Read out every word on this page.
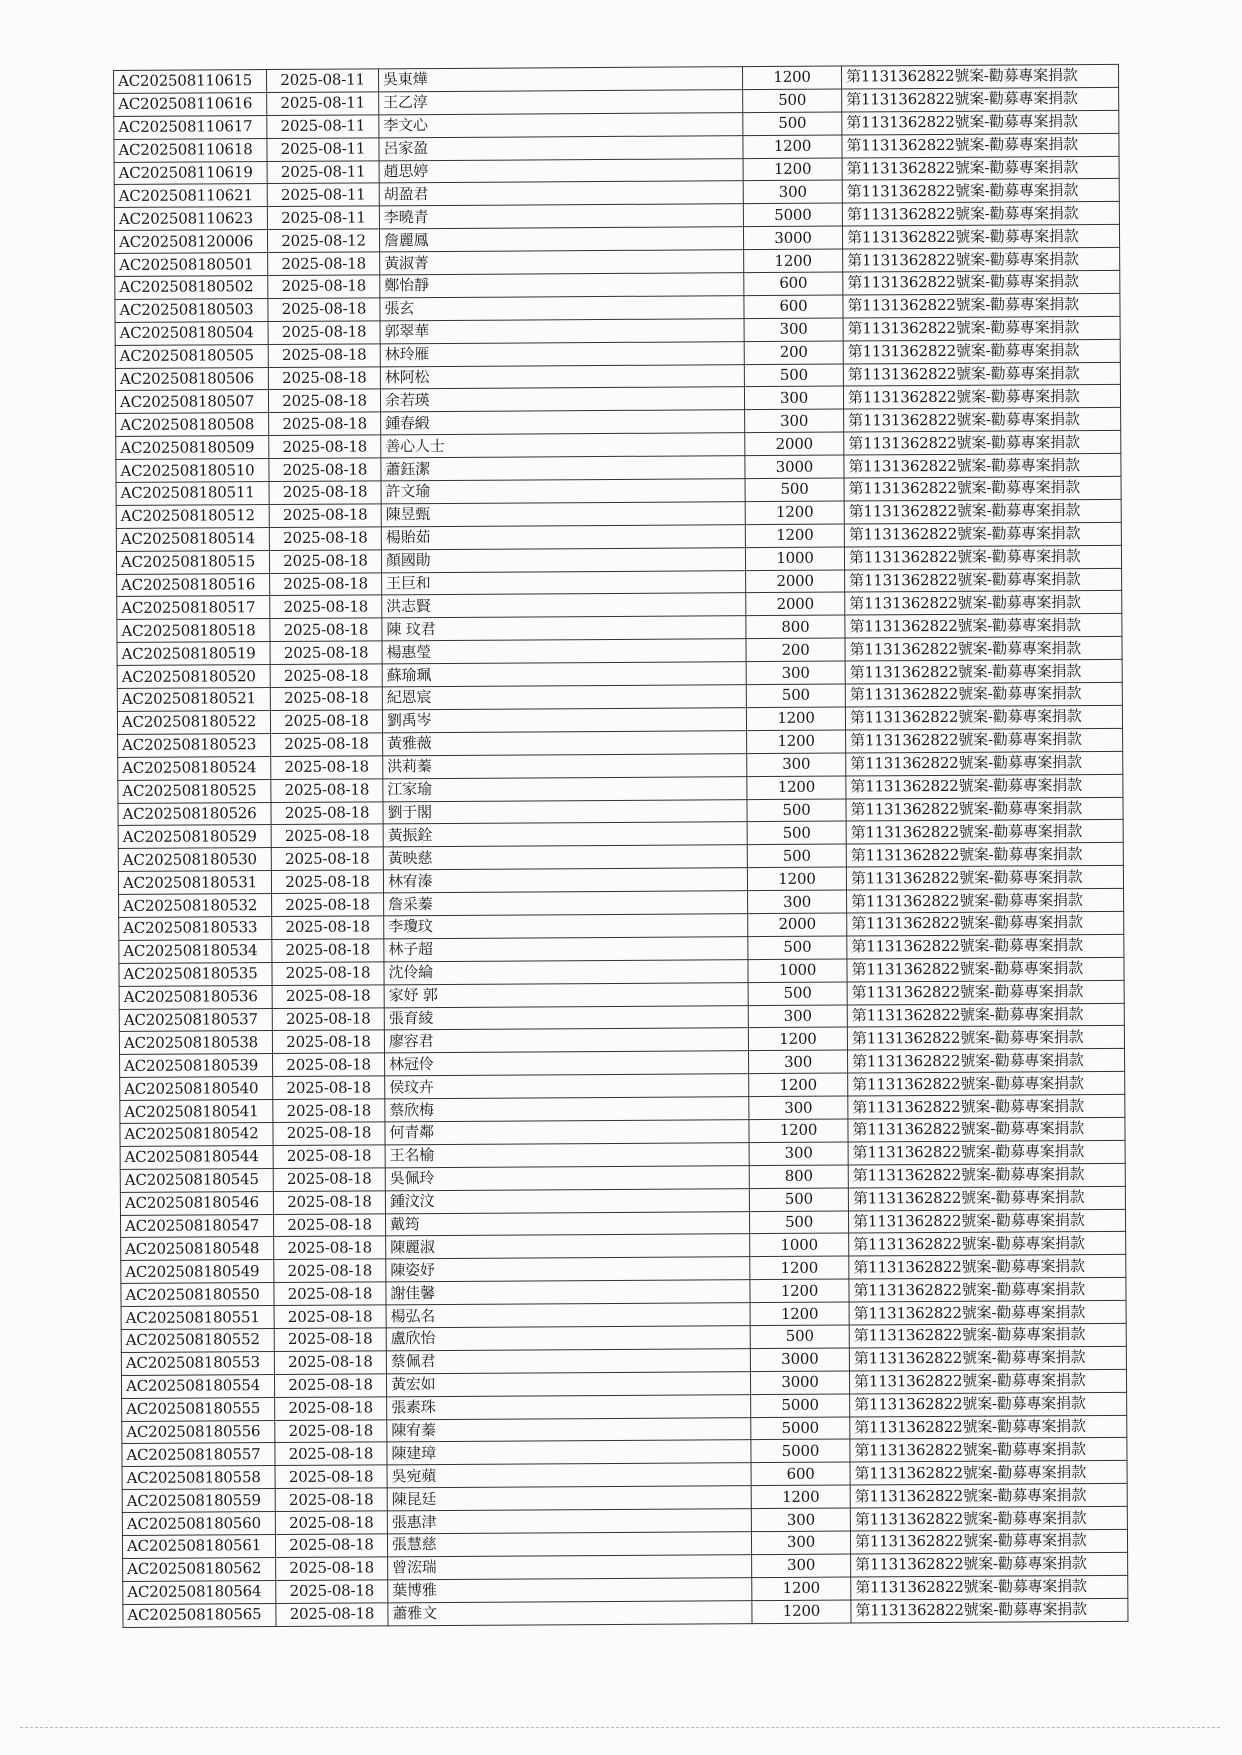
AC202508110615	2025-08-11	吳東燁	1200	第1131362822號案-勸募專案捐款
AC202508110616	2025-08-11	王乙淳	500	第1131362822號案-勸募專案捐款
AC202508110617	2025-08-11	李文心	500	第1131362822號案-勸募專案捐款
AC202508110618	2025-08-11	呂家盈	1200	第1131362822號案-勸募專案捐款
AC202508110619	2025-08-11	趙思婷	1200	第1131362822號案-勸募專案捐款
AC202508110621	2025-08-11	胡盈君	300	第1131362822號案-勸募專案捐款
AC202508110623	2025-08-11	李曉青	5000	第1131362822號案-勸募專案捐款
AC202508120006	2025-08-12	詹麗鳳	3000	第1131362822號案-勸募專案捐款
AC202508180501	2025-08-18	黃淑菁	1200	第1131362822號案-勸募專案捐款
AC202508180502	2025-08-18	鄭怡靜	600	第1131362822號案-勸募專案捐款
AC202508180503	2025-08-18	張玄	600	第1131362822號案-勸募專案捐款
AC202508180504	2025-08-18	郭翠華	300	第1131362822號案-勸募專案捐款
AC202508180505	2025-08-18	林玲雁	200	第1131362822號案-勸募專案捐款
AC202508180506	2025-08-18	林阿松	500	第1131362822號案-勸募專案捐款
AC202508180507	2025-08-18	余若瑛	300	第1131362822號案-勸募專案捐款
AC202508180508	2025-08-18	鍾春緞	300	第1131362822號案-勸募專案捐款
AC202508180509	2025-08-18	善心人士	2000	第1131362822號案-勸募專案捐款
AC202508180510	2025-08-18	蕭鈺潔	3000	第1131362822號案-勸募專案捐款
AC202508180511	2025-08-18	許文瑜	500	第1131362822號案-勸募專案捐款
AC202508180512	2025-08-18	陳昱甄	1200	第1131362822號案-勸募專案捐款
AC202508180514	2025-08-18	楊貽茹	1200	第1131362822號案-勸募專案捐款
AC202508180515	2025-08-18	顏國勛	1000	第1131362822號案-勸募專案捐款
AC202508180516	2025-08-18	王巨和	2000	第1131362822號案-勸募專案捐款
AC202508180517	2025-08-18	洪志賢	2000	第1131362822號案-勸募專案捐款
AC202508180518	2025-08-18	陳 玟君	800	第1131362822號案-勸募專案捐款
AC202508180519	2025-08-18	楊惠瑩	200	第1131362822號案-勸募專案捐款
AC202508180520	2025-08-18	蘇瑜珮	300	第1131362822號案-勸募專案捐款
AC202508180521	2025-08-18	紀恩宸	500	第1131362822號案-勸募專案捐款
AC202508180522	2025-08-18	劉禹岑	1200	第1131362822號案-勸募專案捐款
AC202508180523	2025-08-18	黃雅薇	1200	第1131362822號案-勸募專案捐款
AC202508180524	2025-08-18	洪莉蓁	300	第1131362822號案-勸募專案捐款
AC202508180525	2025-08-18	江家瑜	1200	第1131362822號案-勸募專案捐款
AC202508180526	2025-08-18	劉于閣	500	第1131362822號案-勸募專案捐款
AC202508180529	2025-08-18	黃振銓	500	第1131362822號案-勸募專案捐款
AC202508180530	2025-08-18	黃映慈	500	第1131362822號案-勸募專案捐款
AC202508180531	2025-08-18	林宥溱	1200	第1131362822號案-勸募專案捐款
AC202508180532	2025-08-18	詹采蓁	300	第1131362822號案-勸募專案捐款
AC202508180533	2025-08-18	李瓊玟	2000	第1131362822號案-勸募專案捐款
AC202508180534	2025-08-18	林子超	500	第1131362822號案-勸募專案捐款
AC202508180535	2025-08-18	沈伶綸	1000	第1131362822號案-勸募專案捐款
AC202508180536	2025-08-18	家妤 郭	500	第1131362822號案-勸募專案捐款
AC202508180537	2025-08-18	張育綾	300	第1131362822號案-勸募專案捐款
AC202508180538	2025-08-18	廖容君	1200	第1131362822號案-勸募專案捐款
AC202508180539	2025-08-18	林冠伶	300	第1131362822號案-勸募專案捐款
AC202508180540	2025-08-18	侯玟卉	1200	第1131362822號案-勸募專案捐款
AC202508180541	2025-08-18	蔡欣梅	300	第1131362822號案-勸募專案捐款
AC202508180542	2025-08-18	何青鄰	1200	第1131362822號案-勸募專案捐款
AC202508180544	2025-08-18	王名榆	300	第1131362822號案-勸募專案捐款
AC202508180545	2025-08-18	吳佩玲	800	第1131362822號案-勸募專案捐款
AC202508180546	2025-08-18	鍾汶汶	500	第1131362822號案-勸募專案捐款
AC202508180547	2025-08-18	戴筠	500	第1131362822號案-勸募專案捐款
AC202508180548	2025-08-18	陳麗淑	1000	第1131362822號案-勸募專案捐款
AC202508180549	2025-08-18	陳姿妤	1200	第1131362822號案-勸募專案捐款
AC202508180550	2025-08-18	謝佳馨	1200	第1131362822號案-勸募專案捐款
AC202508180551	2025-08-18	楊弘名	1200	第1131362822號案-勸募專案捐款
AC202508180552	2025-08-18	盧欣怡	500	第1131362822號案-勸募專案捐款
AC202508180553	2025-08-18	蔡佩君	3000	第1131362822號案-勸募專案捐款
AC202508180554	2025-08-18	黃宏如	3000	第1131362822號案-勸募專案捐款
AC202508180555	2025-08-18	張素珠	5000	第1131362822號案-勸募專案捐款
AC202508180556	2025-08-18	陳宥蓁	5000	第1131362822號案-勸募專案捐款
AC202508180557	2025-08-18	陳建璋	5000	第1131362822號案-勸募專案捐款
AC202508180558	2025-08-18	吳宛蘋	600	第1131362822號案-勸募專案捐款
AC202508180559	2025-08-18	陳昆廷	1200	第1131362822號案-勸募專案捐款
AC202508180560	2025-08-18	張惠津	300	第1131362822號案-勸募專案捐款
AC202508180561	2025-08-18	張慧慈	300	第1131362822號案-勸募專案捐款
AC202508180562	2025-08-18	曾浤瑞	300	第1131362822號案-勸募專案捐款
AC202508180564	2025-08-18	葉博雅	1200	第1131362822號案-勸募專案捐款
AC202508180565	2025-08-18	蕭雅文	1200	第1131362822號案-勸募專案捐款
